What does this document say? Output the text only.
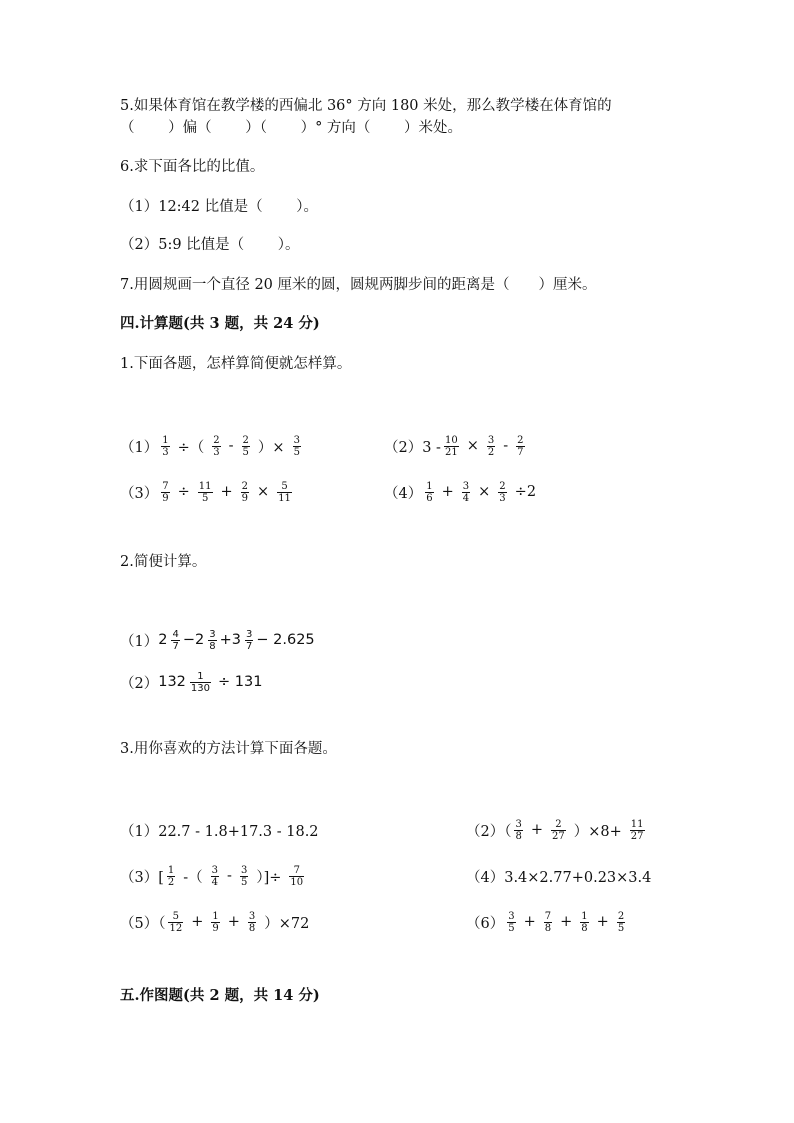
5.如果体育馆在教学楼的西偏北 36° 方向 180 米处，那么教学楼在体育馆的
（　　 ）偏（　　 ）（　　 ）° 方向（　　 ）米处。
6.求下面各比的比值。
（1）12:42 比值是（　　 ）。
（2）5:9 比值是（　　 ）。
7.用圆规画一个直径 20 厘米的圆，圆规两脚步间的距离是（　　）厘米。
四.计算题(共 3 题，共 24 分)
1.下面各题，怎样算简便就怎样算。
$(1) \frac{1}{3}$ ÷（ $\frac{2}{3} - \frac{2}{5}$ ）× $\frac{3}{5}$	$(2)3 - \frac{10}{21} \times \frac{3}{2} - \frac{2}{7}$
$(3) \frac{7}{9} \div \frac{11}{5} + \frac{2}{9} \times \frac{5}{11}$	$(4) \frac{1}{6} + \frac{3}{4} \times \frac{2}{3} \div 2$
2.简便计算。
（1） $2 \frac{4}{7} - 2 \frac{3}{8} + 3 \frac{3}{7} - 2.625$
（2） $132 \frac{1}{130} \div 131$
3.用你喜欢的方法计算下面各题。
（1）22.7 - 1.8+17.3 - 18.2	$(2)( \frac{3}{8} + \frac{2}{27} )\times 8+ \frac{11}{27}$
$(3)[ \frac{1}{2}$ -（ $\frac{3}{4} - \frac{3}{5}$ ）]÷ $\frac{7}{10}$	（4）3.4×2.77+0.23×3.4
$(5)( \frac{5}{12} + \frac{1}{9} + \frac{3}{8} )\times 72$	$(6) \frac{3}{5} + \frac{7}{8} + \frac{1}{8} + \frac{2}{5}$
五.作图题(共 2 题，共 14 分)
